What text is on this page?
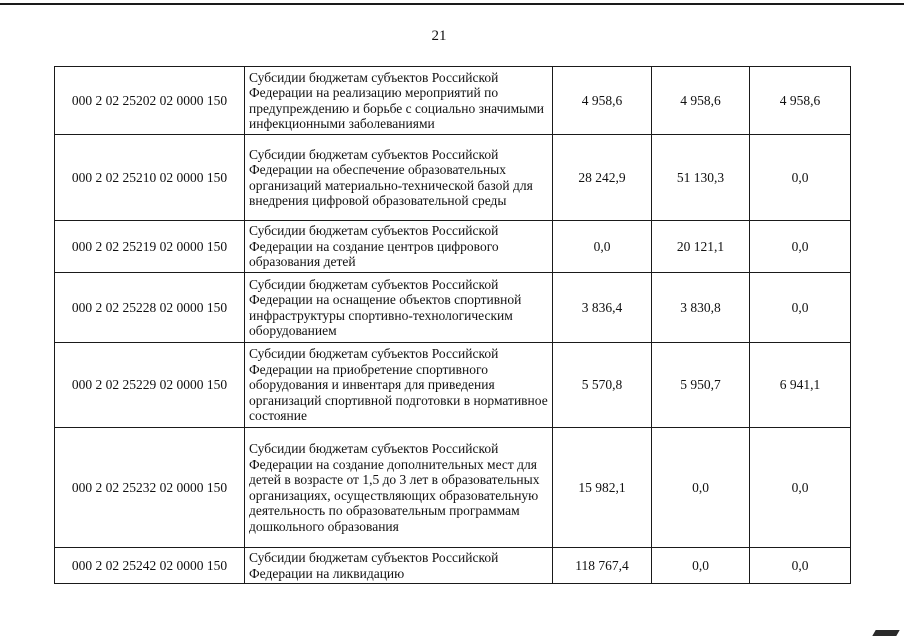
21
000 2 02 25202 02 0000 150	Субсидии бюджетам субъектов Российской Федерации на реализацию мероприятий по предупреждению и борьбе с социально значимыми инфекционными заболеваниями	4 958,6	4 958,6	4 958,6
000 2 02 25210 02 0000 150	Субсидии бюджетам субъектов Российской Федерации на обеспечение образовательных организаций материально-технической базой для внедрения цифровой образовательной среды	28 242,9	51 130,3	0,0
000 2 02 25219 02 0000 150	Субсидии бюджетам субъектов Российской Федерации на создание центров цифрового образования детей	0,0	20 121,1	0,0
000 2 02 25228 02 0000 150	Субсидии бюджетам субъектов Российской Федерации на оснащение объектов спортивной инфраструктуры спортивно-технологическим оборудованием	3 836,4	3 830,8	0,0
000 2 02 25229 02 0000 150	Субсидии бюджетам субъектов Российской Федерации на приобретение спортивного оборудования и инвентаря для приведения организаций спортивной подготовки в нормативное состояние	5 570,8	5 950,7	6 941,1
000 2 02 25232 02 0000 150	Субсидии бюджетам субъектов Российской Федерации на создание дополнительных мест для детей в возрасте от 1,5 до 3 лет в образовательных организациях, осуществляющих образовательную деятельность по образовательным программам дошкольного образования	15 982,1	0,0	0,0
000 2 02 25242 02 0000 150	Субсидии бюджетам субъектов Российской Федерации на ликвидацию	118 767,4	0,0	0,0
